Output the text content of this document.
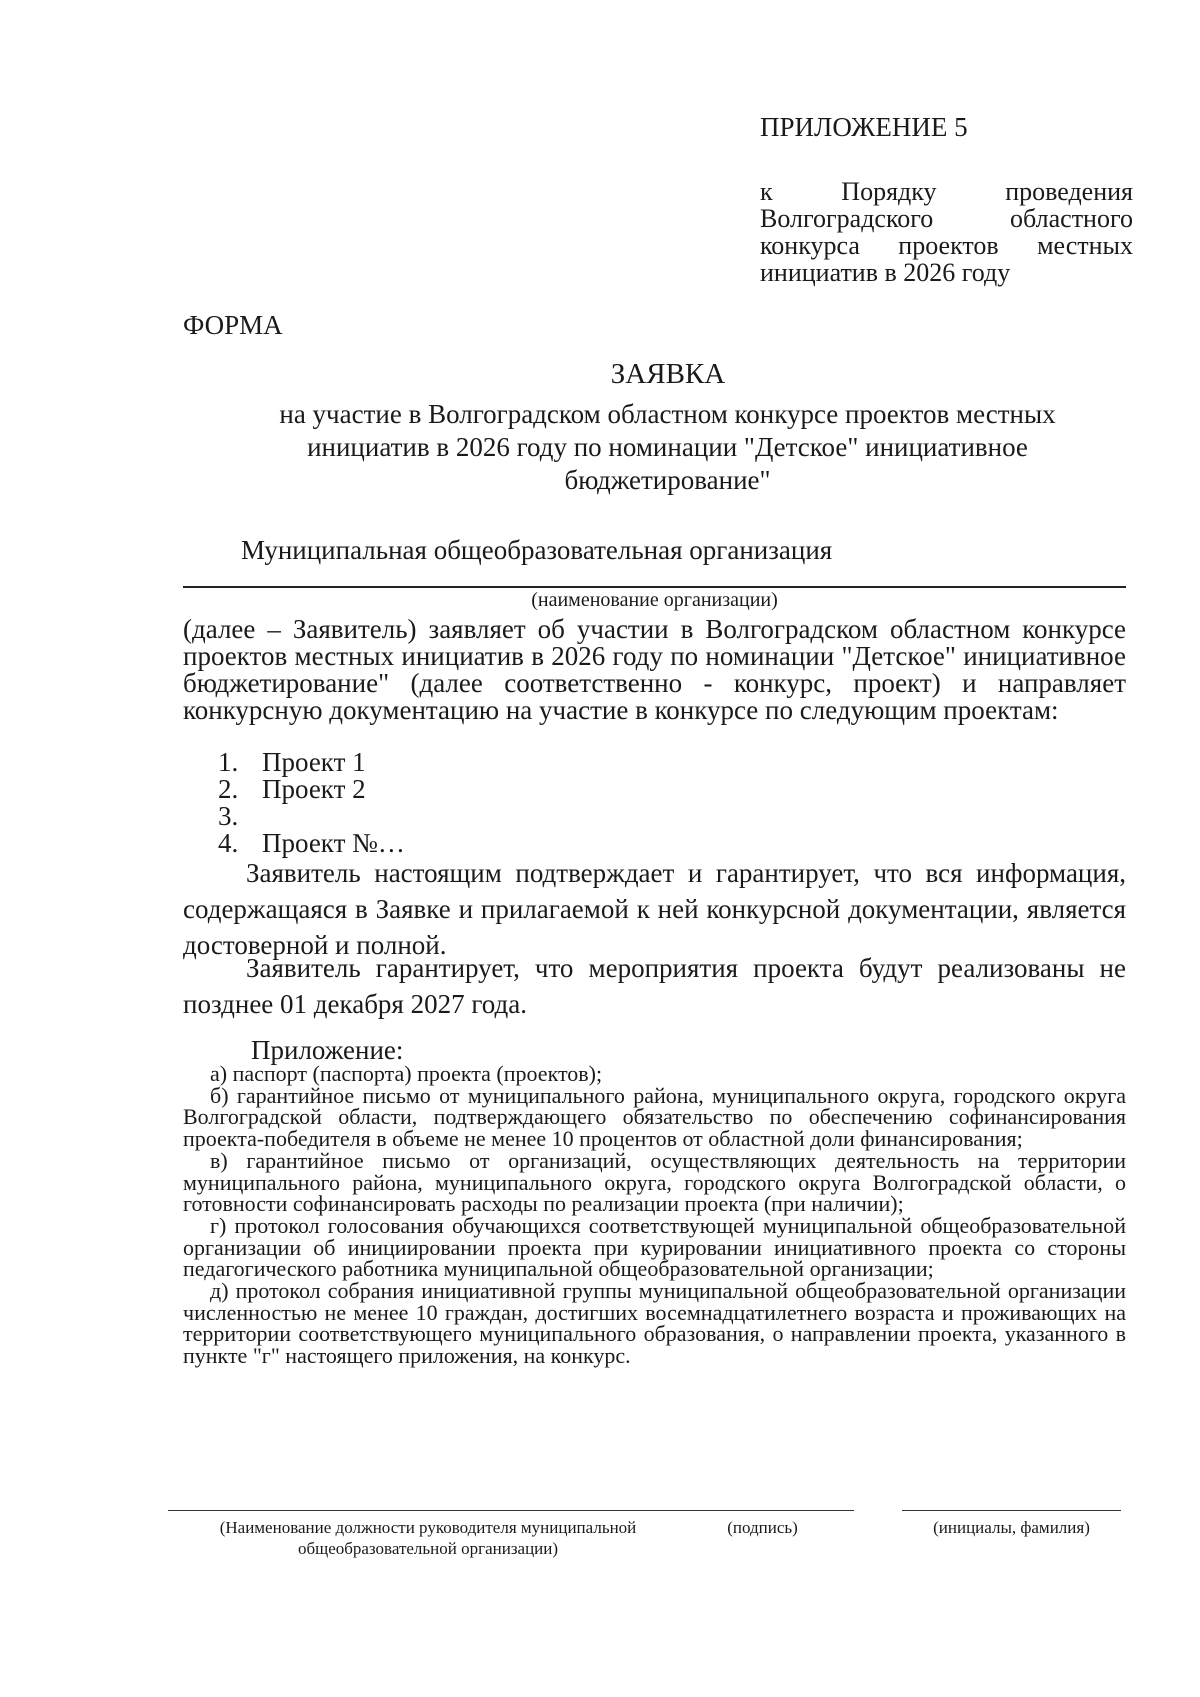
ПРИЛОЖЕНИЕ 5
к Порядку проведения Волгоградского областного конкурса проектов местных инициатив в 2026 году
ФОРМА
ЗАЯВКА
на участие в Волгоградском областном конкурсе проектов местных инициатив в 2026 году по номинации "Детское" инициативное бюджетирование"
Муниципальная общеобразовательная организация
(наименование организации)
(далее – Заявитель) заявляет об участии в Волгоградском областном конкурсе проектов местных инициатив в 2026 году по номинации "Детское" инициативное бюджетирование" (далее соответственно - конкурс, проект) и направляет конкурсную документацию на участие в конкурсе по следующим проектам:
1. Проект 1
2. Проект 2
3.
4. Проект №…
Заявитель настоящим подтверждает и гарантирует, что вся информация, содержащаяся в Заявке и прилагаемой к ней конкурсной документации, является достоверной и полной.
Заявитель гарантирует, что мероприятия проекта будут реализованы не позднее 01 декабря 2027 года.
Приложение:

а) паспорт (паспорта) проекта (проектов);

б) гарантийное письмо от муниципального района, муниципального округа, городского округа Волгоградской области, подтверждающего обязательство по обеспечению софинансирования проекта-победителя в объеме не менее 10 процентов от областной доли финансирования;

в) гарантийное письмо от организаций, осуществляющих деятельность на территории муниципального района, муниципального округа, городского округа Волгоградской области, о готовности софинансировать расходы по реализации проекта (при наличии);

г) протокол голосования обучающихся соответствующей муниципальной общеобразовательной организации об инициировании проекта при курировании инициативного проекта со стороны педагогического работника муниципальной общеобразовательной организации;

д) протокол собрания инициативной группы муниципальной общеобразовательной организации численностью не менее 10 граждан, достигших восемнадцатилетнего возраста и проживающих на территории соответствующего муниципального образования, о направлении проекта, указанного в пункте "г" настоящего приложения, на конкурс.

(Наименование должности руководителя муниципальной общеобразовательной организации)
(подпись)	(инициалы, фамилия)
